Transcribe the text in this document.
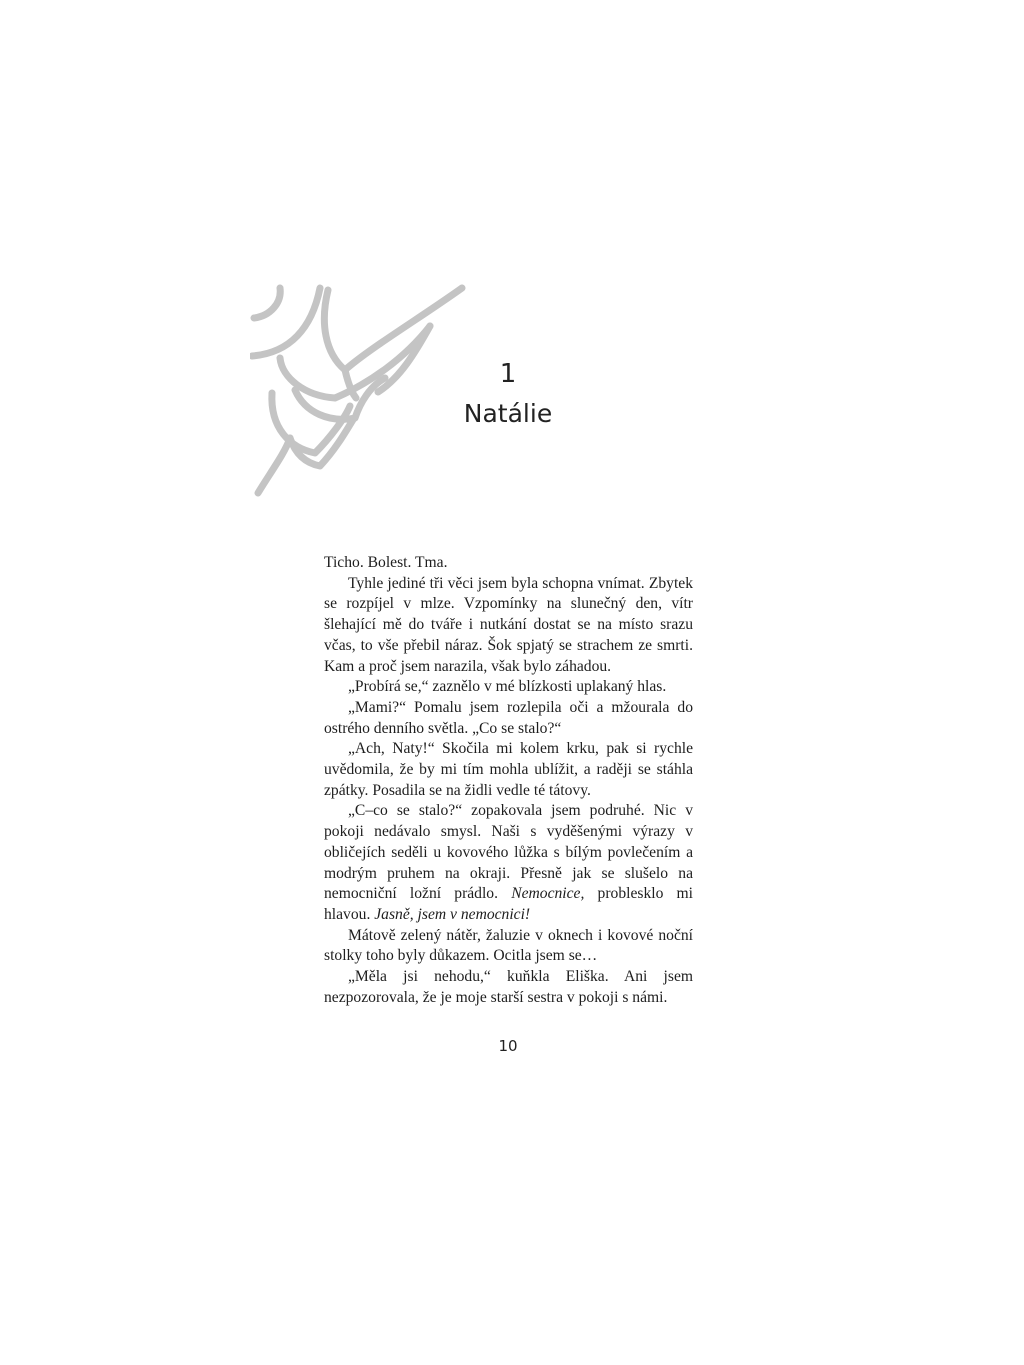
1
Natálie

Ticho. Bolest. Tma.

Tyhle jediné tři věci jsem byla schopna vnímat. Zbytek se rozpíjel v mlze. Vzpomínky na slunečný den, vítr šlehající mě do tváře i nutkání dostat se na místo srazu včas, to vše přebil náraz. Šok spjatý se strachem ze smrti. Kam a proč jsem narazila, však bylo záhadou.

„Probírá se,“ zaznělo v mé blízkosti uplakaný hlas.

„Mami?“ Pomalu jsem rozlepila oči a mžourala do ostrého denního světla. „Co se stalo?“

„Ach, Naty!“ Skočila mi kolem krku, pak si rychle uvědomila, že by mi tím mohla ublížit, a raději se stáhla zpátky. Posadila se na židli vedle té tátovy.

„C–co se stalo?“ zopakovala jsem podruhé. Nic v pokoji nedávalo smysl. Naši s vyděšenými výrazy v obličejích seděli u kovového lůžka s bílým povlečením a modrým pruhem na okraji. Přesně jak se slušelo na nemocniční ložní prádlo. Nemocnice, problesklo mi hlavou. Jasně, jsem v nemocnici!

Mátově zelený nátěr, žaluzie v oknech i kovové noční stolky toho byly důkazem. Ocitla jsem se…

„Měla jsi nehodu,“ kuňkla Eliška. Ani jsem nezpozorovala, že je moje starší sestra v pokoji s námi.

10
